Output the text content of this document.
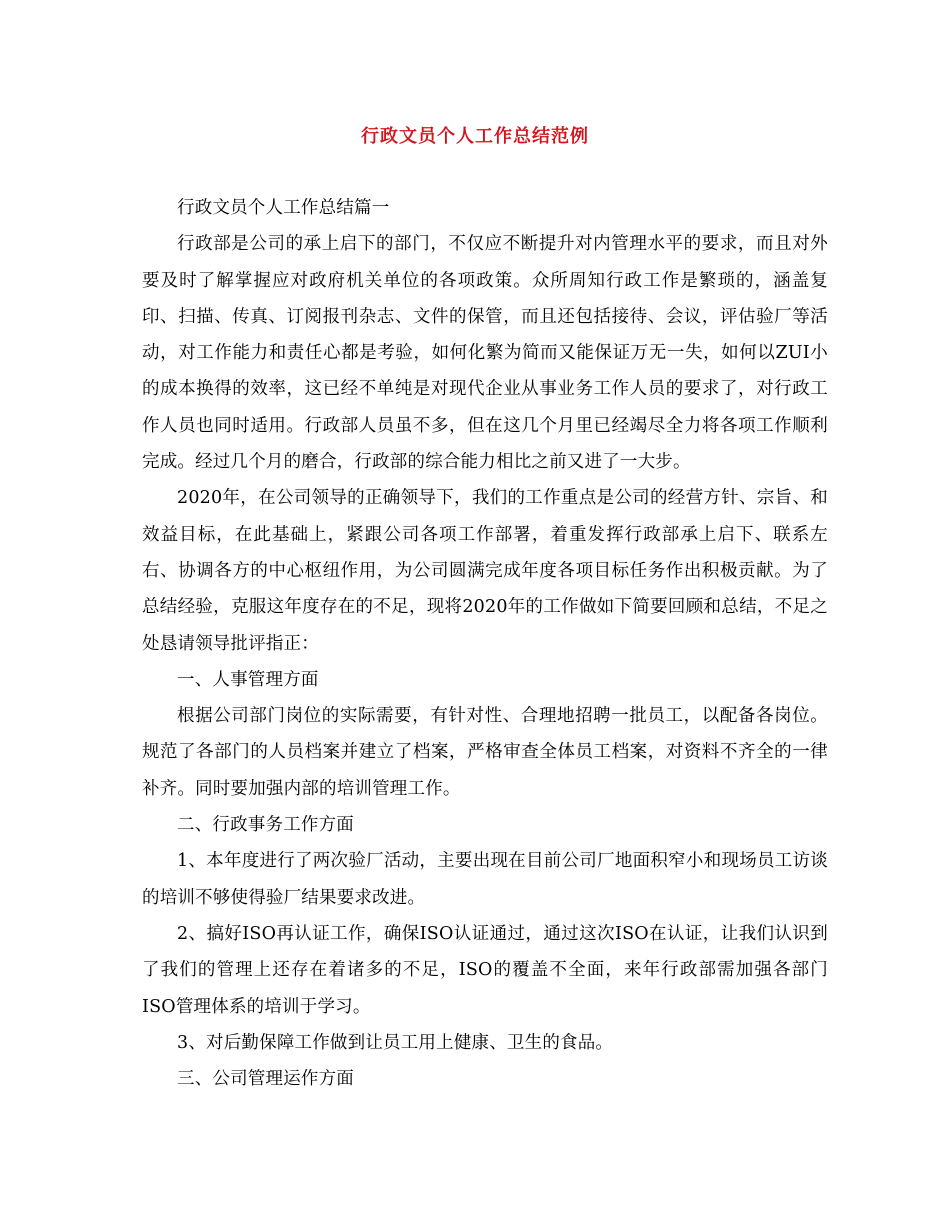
行政文员个人工作总结范例

行政文员个人工作总结篇一

行政部是公司的承上启下的部门，不仅应不断提升对内管理水平的要求，而且对外要及时了解掌握应对政府机关单位的各项政策。众所周知行政工作是繁琐的，涵盖复印、扫描、传真、订阅报刊杂志、文件的保管，而且还包括接待、会议，评估验厂等活动，对工作能力和责任心都是考验，如何化繁为简而又能保证万无一失，如何以ZUI小的成本换得的效率，这已经不单纯是对现代企业从事业务工作人员的要求了，对行政工作人员也同时适用。行政部人员虽不多，但在这几个月里已经竭尽全力将各项工作顺利完成。经过几个月的磨合，行政部的综合能力相比之前又进了一大步。

2020年，在公司领导的正确领导下，我们的工作重点是公司的经营方针、宗旨、和效益目标，在此基础上，紧跟公司各项工作部署，着重发挥行政部承上启下、联系左右、协调各方的中心枢纽作用，为公司圆满完成年度各项目标任务作出积极贡献。为了总结经验，克服这年度存在的不足，现将2020年的工作做如下简要回顾和总结，不足之处恳请领导批评指正：

一、人事管理方面

根据公司部门岗位的实际需要，有针对性、合理地招聘一批员工，以配备各岗位。规范了各部门的人员档案并建立了档案，严格审查全体员工档案，对资料不齐全的一律补齐。同时要加强内部的培训管理工作。

二、行政事务工作方面

1、本年度进行了两次验厂活动，主要出现在目前公司厂地面积窄小和现场员工访谈的培训不够使得验厂结果要求改进。

2、搞好ISO再认证工作，确保ISO认证通过，通过这次ISO在认证，让我们认识到了我们的管理上还存在着诸多的不足，ISO的覆盖不全面，来年行政部需加强各部门ISO管理体系的培训于学习。

3、对后勤保障工作做到让员工用上健康、卫生的食品。

三、公司管理运作方面
